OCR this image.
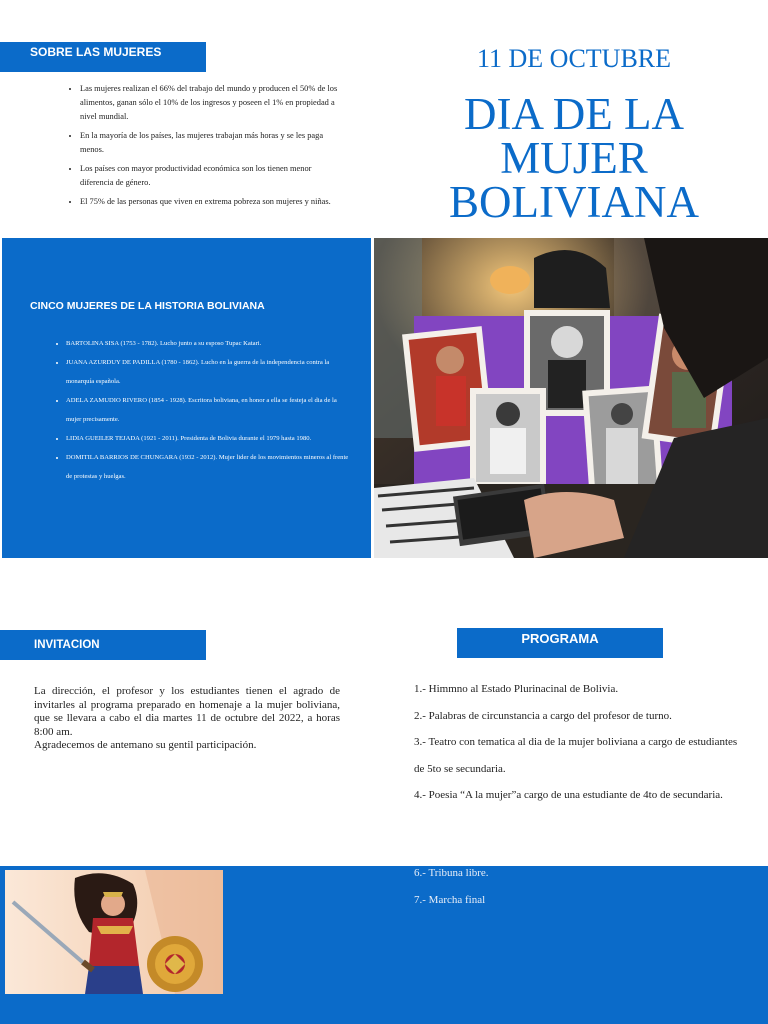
SOBRE LAS MUJERES
• Las mujeres realizan el 66% del trabajo del mundo y producen el 50% de los alimentos, ganan sólo el 10% de los ingresos y poseen el 1% en propiedad a nivel mundial.
• En la mayoría de los países, las mujeres trabajan más horas y se les paga menos.
• Los países con mayor productividad económica son los tienen menor diferencia de género.
• El 75% de las personas que viven en extrema pobreza son mujeres y niñas.
11 DE OCTUBRE
DIA DE LA
MUJER
BOLIVIANA
CINCO MUJERES DE LA HISTORIA BOLIVIANA
• BARTOLINA SISA (1753 - 1782). Lucho junto a su esposo Tupac Katari.
• JUANA AZURDUY DE PADILLA (1780 - 1862). Lucho en la guerra de la independencia contra la monarquía española.
• ADELA ZAMUDIO RIVERO (1854 - 1928). Escritora boliviana, en honor a ella se festeja el dia de la mujer precisamente.
• LIDIA GUEILER TEJADA (1921 - 2011). Presidenta de Bolivia durante el 1979 hasta 1980.
• DOMITILA BARRIOS DE CHUNGARA (1932 - 2012). Mujer lider de los movimientos mineros al frente de protestas y huelgas.
INVITACION
La dirección, el profesor y los estudiantes tienen el agrado de invitarles al programa preparado en homenaje a la mujer boliviana, que se llevara a cabo el dia martes 11 de octubre del 2022, a horas 8:00 am.
Agradecemos de antemano su gentil participación.
PROGRAMA
1.- Himmno al Estado Plurinacinal de Bolivia.
2.- Palabras de circunstancia a cargo del profesor de turno.
3.- Teatro con tematica al dia de la mujer boliviana a cargo de estudiantes de 5to se secundaria.
4.- Poesia “A la mujer”a cargo de una estudiante de 4to de secundaria.
6.- Tribuna libre.
7.- Marcha final
